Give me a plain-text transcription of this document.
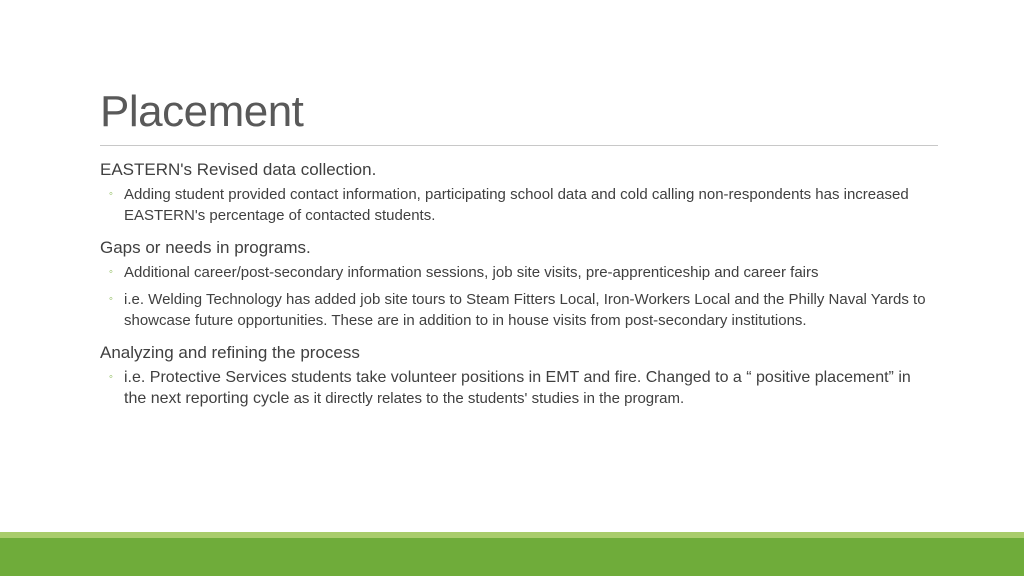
Placement
EASTERN's Revised data collection.
◦ Adding student provided contact information, participating school data and cold calling non-respondents has increased EASTERN's percentage of contacted students.
Gaps or needs in programs.
◦ Additional career/post-secondary information sessions, job site visits, pre-apprenticeship and career fairs
◦ i.e. Welding Technology has added job site tours to Steam Fitters Local, Iron-Workers Local and the Philly Naval Yards to showcase future opportunities. These are in addition to in house visits from post-secondary institutions.
Analyzing and refining the process
◦ i.e. Protective Services students take volunteer positions in EMT and fire. Changed to a “ positive placement” in the next reporting cycle as it directly relates to the students' studies in the program.
